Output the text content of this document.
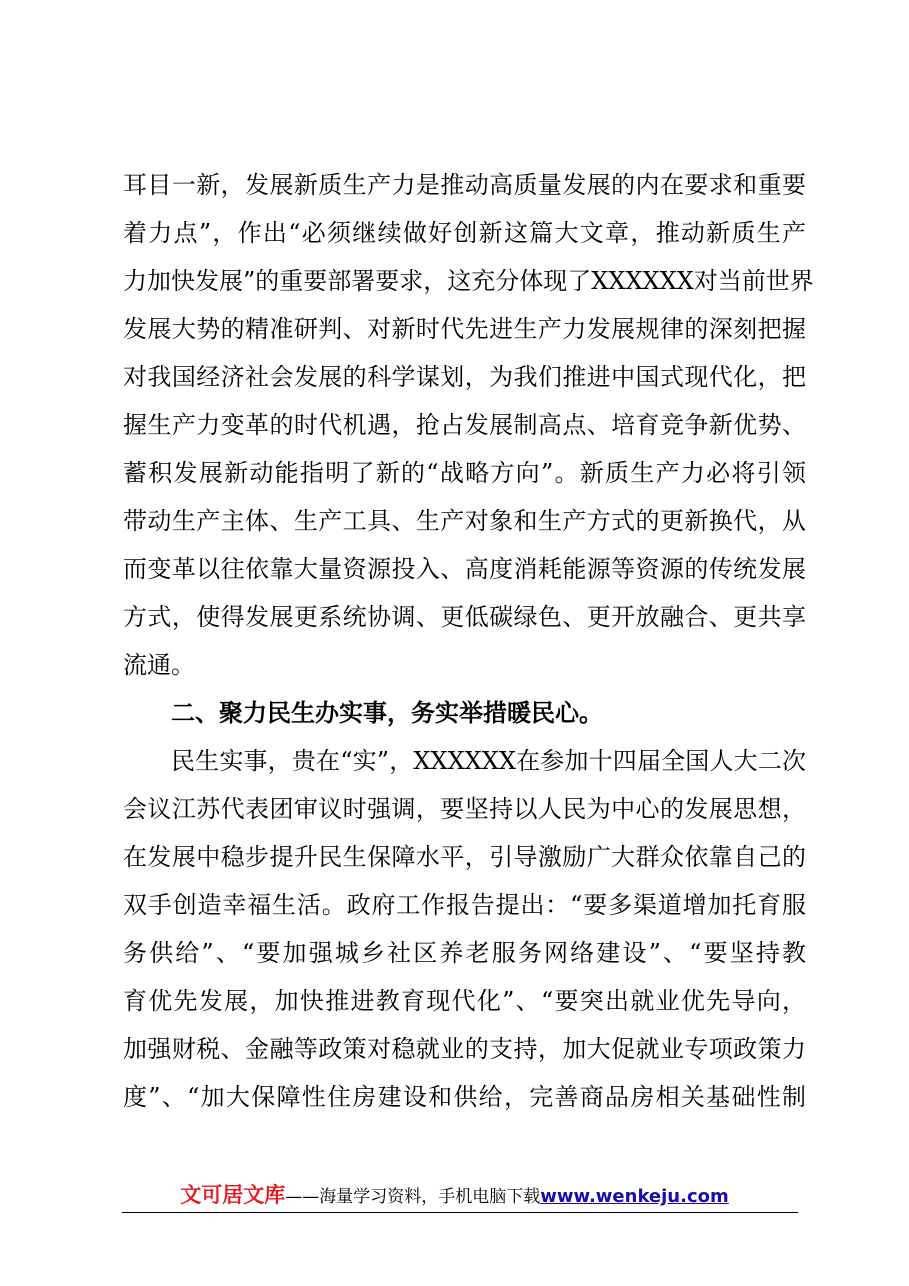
耳目一新，发展新质生产力是推动高质量发展的内在要求和重要
着力点”，作出“必须继续做好创新这篇大文章，推动新质生产
力加快发展”的重要部署要求，这充分体现了XXXXXX对当前世界
发展大势的精准研判、对新时代先进生产力发展规律的深刻把握
对我国经济社会发展的科学谋划，为我们推进中国式现代化，把
握生产力变革的时代机遇，抢占发展制高点、培育竞争新优势、
蓄积发展新动能指明了新的“战略方向”。新质生产力必将引领
带动生产主体、生产工具、生产对象和生产方式的更新换代，从
而变革以往依靠大量资源投入、高度消耗能源等资源的传统发展
方式，使得发展更系统协调、更低碳绿色、更开放融合、更共享
流通。
二、聚力民生办实事，务实举措暖民心。
民生实事，贵在“实”，XXXXXX在参加十四届全国人大二次
会议江苏代表团审议时强调，要坚持以人民为中心的发展思想，
在发展中稳步提升民生保障水平，引导激励广大群众依靠自己的
双手创造幸福生活。政府工作报告提出：“要多渠道增加托育服
务供给”、“要加强城乡社区养老服务网络建设”、“要坚持教
育优先发展，加快推进教育现代化”、“要突出就业优先导向，
加强财税、金融等政策对稳就业的支持，加大促就业专项政策力
度”、“加大保障性住房建设和供给，完善商品房相关基础性制
文可居文库——海量学习资料，手机电脑下载www.wenkeju.com
